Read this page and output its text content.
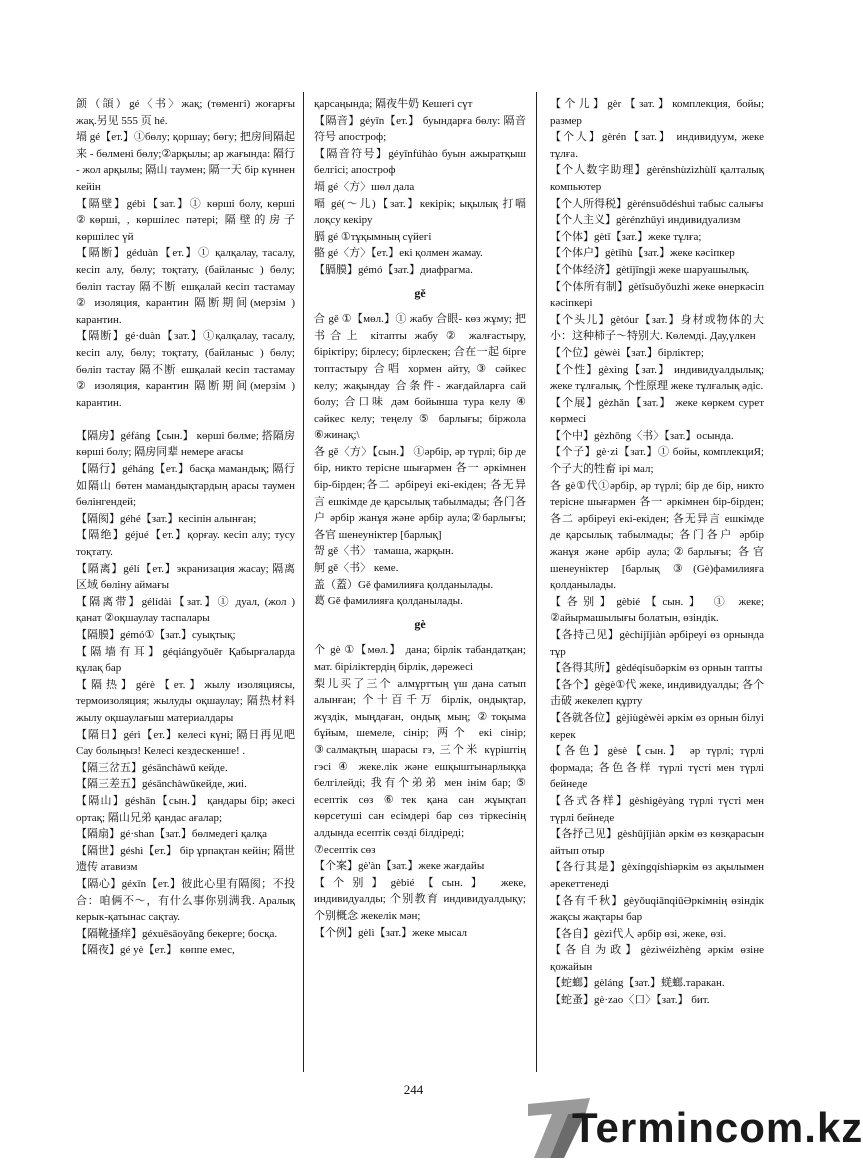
颌（頜）gé〈书〉жақ; (төменгі) жоғарғы жақ.另见 555 页 hé.

塥 gé【ет.】①бөлу; қоршау; бөгу; 把房间隔起来 - бөлмені бөлу;②арқылы; ар жағында: 隔行 - жол арқылы; 隔山 таумен; 隔一天 бір күннен кейін

【隔壁】gébì【зат.】① көрші болу, көрші ②көрші, , көршілес пәтері; 隔壁的房子 көршілес үй

【隔断】géduàn【ет.】① қалқалау, тасалу, кесіп алу, бөлу; тоқтату, (байланыс ) бөлу; бөліп тастау 隔不断 ешқалай кесіп тастамау ② изоляция, карантин 隔断期间(мерзім ) карантин.

【隔断】gé·duàn【зат.】①қалқалау, тасалу, кесіп алу, бөлу; тоқтату, (байланыс ) бөлу; бөліп тастау 隔不断 ешқалай кесіп тастамау ② изоляция, карантин 隔断期间(мерзім ) карантин.

【隔房】géfáng【сын.】 көрші бөлме; 搭隔房 көрші болу; 隔房同辈 немере ағасы

【隔行】géháng【ет.】басқа мамандық; 隔行如隔山 бөтен мамандықтардың арасы таумен бөлінгендей;

【隔阂】géhé【зат.】кесіпін алынған;

【隔绝】géjué【ет.】қорғау. кесіп алу; тусу тоқтату.

【隔离】gélí【ет.】экранизация жасау; 隔离区域 бөліну аймағы

【隔离带】gélídài【зат.】① дуал, (жол ) қанат ②оқшаулау таспалары

【隔膜】gémó①【зат.】суықтық;

【隔墙有耳】géqiángyǒuěr Қабырғаларда құлақ бар

【隔热】gérè【ет.】жылу изоляциясы, термоизоляция; жылуды оқшаулау; 隔热材料 жылу оқшаулағыш материалдары

【隔日】gérì【ет.】келесі күні; 隔日再见吧 Сау болыңыз! Келесі кездескенше! .

【隔三岔五】gésānchàwǔ кейде.

【隔三差五】gésānchàwǔкейде, жиі.

【隔山】géshān【сын.】 қандары бір; әкесі ортақ; 隔山兄弟 қандас ағалар;

【隔扇】gé·shan【зат.】бөлмедегі қалқа

【隔世】géshì【ет.】 бір ұрпақтан кейін; 隔世遗传 атавизм

【隔心】géxīn【ет.】彼此心里有隔阂；不投合：咱俩不～，有什么事你别满我. Аралық керык-қатынас сақтау.

【隔靴搔痒】géxuēsāoyǎng бекерге; босқа.

【隔夜】gé yè【ет.】 көппе емес,

қарсаңында; 隔夜牛奶 Кешегі сүт

【隔音】géyīn【ет.】 буындарға бөлу: 隔音符号 апостроф;

【隔音符号】géyīnfúhào буын ажыратқыш белгісі; апостроф

塥 gé〈方〉шөл дала

嗝 gé(～儿)【зат.】кекірік; ықылық 打嗝 лоқсу кекіру

膈 gé ①тұқымның сүйегі

骼 gé〈方〉【ет.】екі қолмен жамау.

【膈膜】gémó【зат.】диафрагма.

gě

合 gě ①【мөл.】① жабу 合眼- көз жұму; 把书合上 кітапты жабу ② жалғастыру, біріктіру; бірлесу; бірлескен; 合在一起 бірге топтастыру 合唱 хормен айту, ③ сәйкес келу; жақындау 合条件- жағдайларға сай болу; 合口味 дәм бойынша тура келу ④ сәйкес келу; теңелу ⑤ барлығы; біржола ⑥жинақ;\

各 gě〈方〉【сын.】 ①әрбір, әр түрлі; бір де бір, никто терісне шығармен 各一 әркімнен бір-бірден;各二 әрбіреуі екі-екіден; 各无异言 ешкімде де қарсылық табылмады; 各门各户 әрбір жанұя және әрбір аула;②барлығы; 各官 шенеуніктер [барлық]

哿 gě〈书〉 тамаша, жарқын.

舸 gě〈书〉 кеме.

盖（蓋）Gě фамилияға қолданылады.

葛 Gě фамилияға қолданылады.

gè

个 gè ①【мөл.】 дана; бірлік табандатқан; мат. біріліктердің бірлік, дәрежесі

梨儿买了三个 алмұрттың үш дана сатып алынған; 个十百千万 бірлік, ондықтар, жүздік, мыңдаған, ондық мың; ②тоқыма бұйым, шемеле, сінір; 两个 екі сінір; ③салмақтың шарасы гэ, 三个米 күріштің гэсі ④ жеке.лік және ешқыштынарлыққа белгілейді; 我有个弟弟 мен інім бар; ⑤ есептік сөз ⑥тек қана сан жұықтап көрсетуші сан есімдері бар сөз тіркесінің алдында есептік сөзді білдіреді;

⑦есептік сөз

【个案】gè'àn【зат.】жеке жағдайы

【个别】gèbié【сын.】 жеке, индивидуалды; 个别教育 индивидуалдықу; 个别概念 жекелік мән;

【个例】gèlì【зат.】жеке мысал

【个儿】gèr【зат.】комплекция, бойы; размер

【个人】gèrén【зат.】 индивидуум, жеке тұлға.

【个人数字助理】gèrénshùzìzhùlǐ қалталық компьютер

【个人所得税】gèrénsuǒdéshuì табыс салығы

【个人主义】gèrénzhǔyì индивидуализм

【个体】gètǐ【зат.】жеке тұлға;

【个体户】gètǐhù【зат.】жеке кәсіпкер

【个体经济】gètǐjīngjì жеке шаруашылық.

【个体所有制】gètǐsuǒyǒuzhì жеке өнеркәсіп кәсіпкері

【个头儿】gètóur【зат.】身材或物体的大小：这种柿子～特别大. Көлемді. Дау,үлкен

【个位】gèwèi【зат.】бірліктер;

【个性】gèxìng【зат.】 индивидуалдылық; жеке тұлғалық, 个性原理 жеке тұлғалық әдіс.

【个展】gèzhǎn【зат.】 жеке көркем сурет көрмесі

【个中】gèzhōng〈书〉【зат.】осында.

【个子】gè·zi【зат.】① бойы, комплекциЯ; 个子大的牲畜 ірі мал;

各 gè①代①әрбір, әр түрлі; бір де бір, никто терісне шығармен 各一 әркімнен бір-бірден;各二 әрбіреуі екі-екіден; 各无异言 ешкімде де қарсылық табылмады; 各门各户 әрбір жанұя және әрбір аула;②барлығы; 各官 шенеуніктер [барлық ③(Gè)фамилияға қолданылады.

【各别】gèbié【сын.】 ① жеке; ②айырмашылығы болатын, өзіндік.

【各持己见】gèchíjǐjiàn әрбіреуі өз орнында тұр

【各得其所】gèdéqísuǒәркім өз орнын тапты

【各个】gègè①代 жеке, индивидуалды; 各个击破 жекелеп құрту

【各就各位】gèjiùgèwèi әркім өз орнын білуі керек

【各色】gèsè【сын.】 әр түрлі; түрлі формада; 各色各样 түрлі түсті мен түрлі бейнеде

【各式各样】gèshìgèyàng түрлі түсті мен түрлі бейнеде

【各抒己见】gèshūjǐjiàn әркім өз көзқарасын айтып отыр

【各行其是】gèxíngqíshìәркім өз ақылымен әрекеттенеді

【各有千秋】gèyǒuqiānqiūӘркімнің өзіндік жақсы жақтары бар

【各自】gèzì代人 әрбір өзі, жеке, өзі.

【各自为政】gèzìwéizhèng әркім өзіне қожайын

【蛇螂】gèláng【зат.】蜣螂.таракан.

【蛇蚤】gè·zao〈口〉【зат.】 бит.

244
Termincom.kz
